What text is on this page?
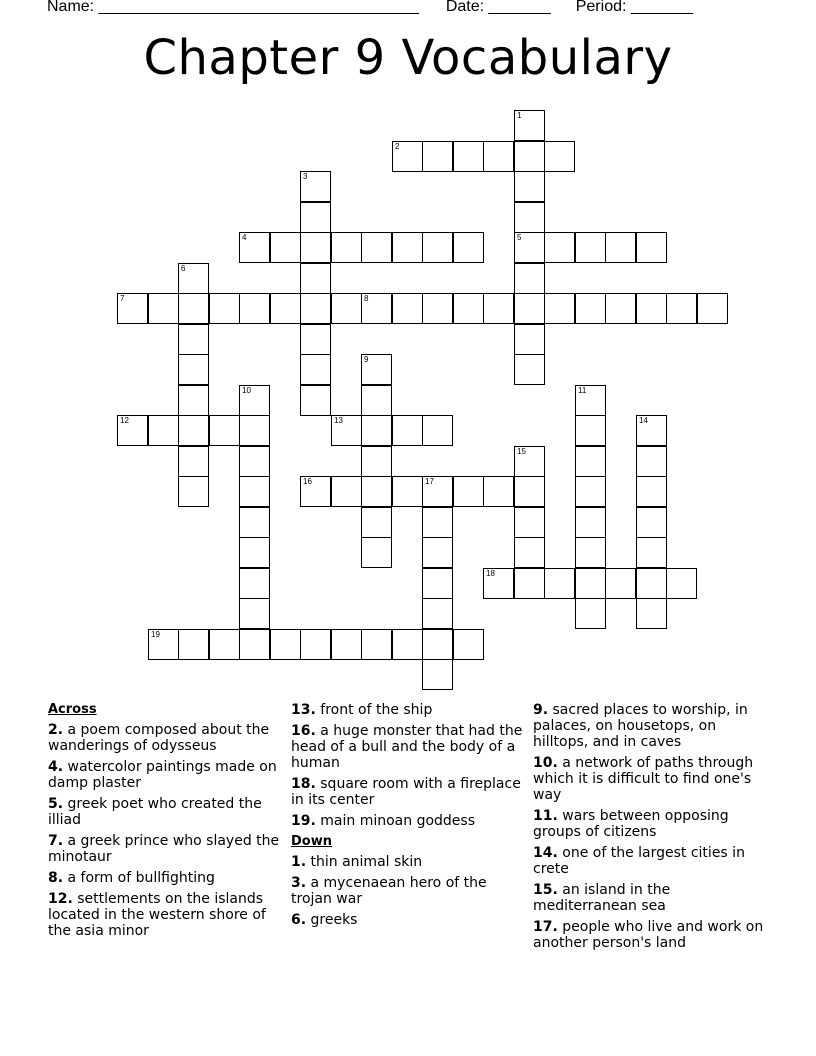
Name: ____________________________________ Date: _______ Period: _______
Chapter 9 Vocabulary
1
5
2
3
4
6
7	8
9
10	11
12	13	14
15
16	17
18
19
Across
2. a poem composed about the wanderings of odysseus
4. watercolor paintings made on damp plaster
5. greek poet who created the illiad
7. a greek prince who slayed the minotaur
8. a form of bullfighting
12. settlements on the islands located in the western shore of the asia minor
13. front of the ship
16. a huge monster that had the head of a bull and the body of a human
18. square room with a fireplace in its center
19. main minoan goddess
Down
1. thin animal skin
3. a mycenaean hero of the trojan war
6. greeks
9. sacred places to worship, in palaces, on housetops, on hilltops, and in caves
10. a network of paths through which it is difficult to find one's way
11. wars between opposing groups of citizens
14. one of the largest cities in crete
15. an island in the mediterranean sea
17. people who live and work on another person's land
